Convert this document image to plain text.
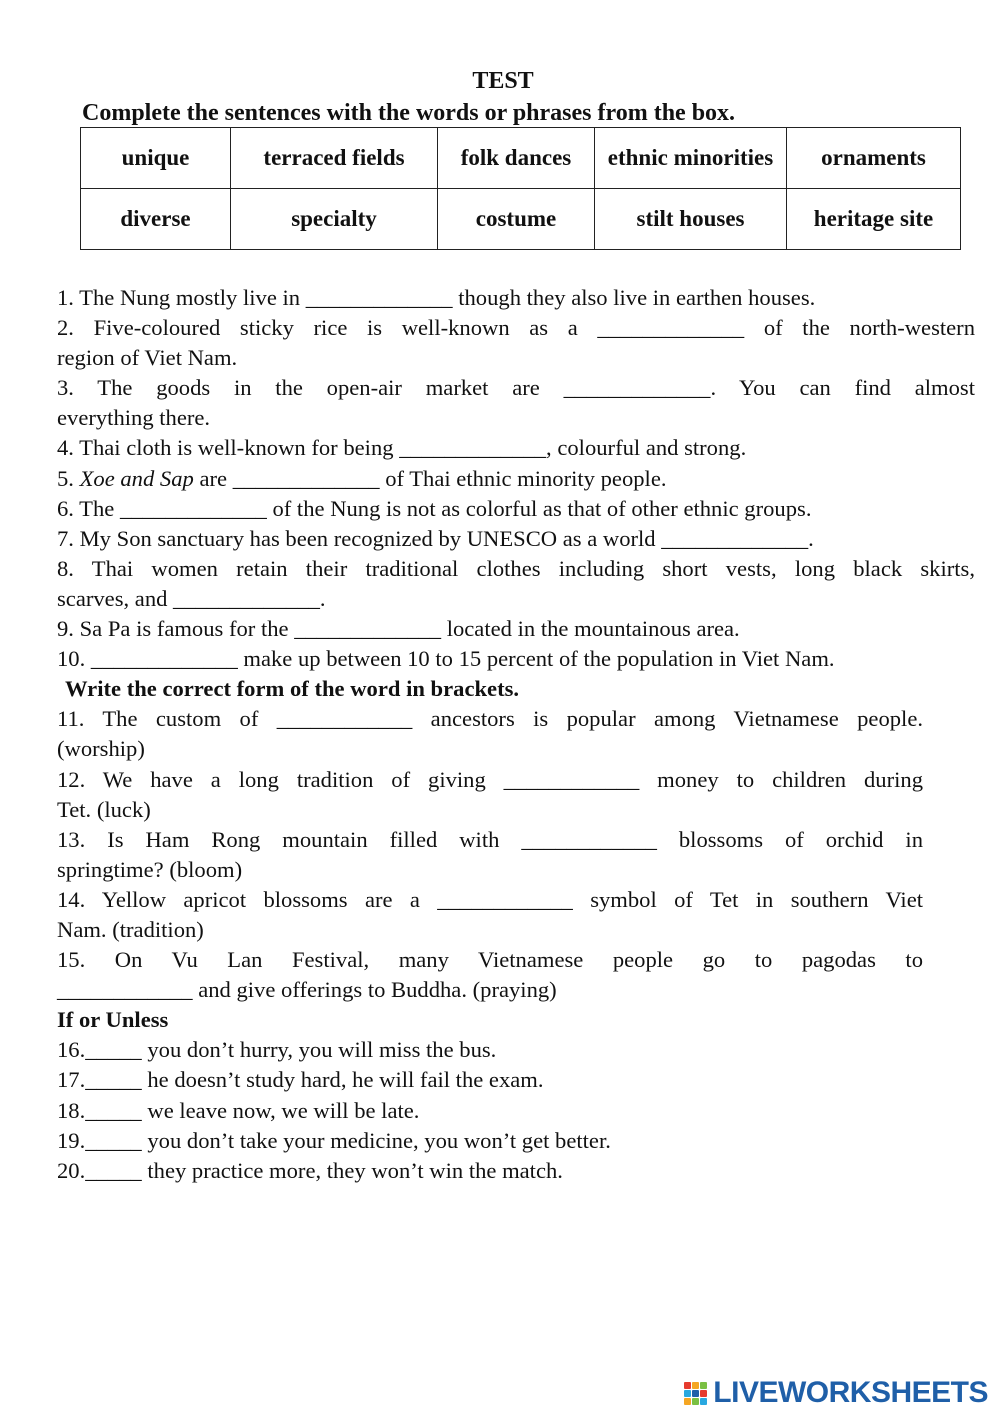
TEST
Complete the sentences with the words or phrases from the box.
unique	terraced fields	folk dances	ethnic minorities	ornaments
diverse	specialty	costume	stilt houses	heritage site
1. The Nung mostly live in _____________ though they also live in earthen houses.
2. Five-coloured sticky rice is well-known as a _____________ of the north-western
region of Viet Nam.
3. The goods in the open-air market are _____________. You can find almost
everything there.
4. Thai cloth is well-known for being _____________, colourful and strong.
5. Xoe and Sap are _____________ of Thai ethnic minority people.
6. The _____________ of the Nung is not as colorful as that of other ethnic groups.
7. My Son sanctuary has been recognized by UNESCO as a world _____________.
8. Thai women retain their traditional clothes including short vests, long black skirts,
scarves, and _____________.
9. Sa Pa is famous for the _____________ located in the mountainous area.
10. _____________ make up between 10 to 15 percent of the population in Viet Nam.
Write the correct form of the word in brackets.
11. The custom of ____________ ancestors is popular among Vietnamese people.
(worship)
12. We have a long tradition of giving ____________ money to children during
Tet. (luck)
13. Is Ham Rong mountain filled with ____________ blossoms of orchid in
springtime? (bloom)
14. Yellow apricot blossoms are a ____________ symbol of Tet in southern Viet
Nam. (tradition)
15. On Vu Lan Festival, many Vietnamese people go to pagodas to
____________ and give offerings to Buddha. (praying)
If or Unless
16._____ you don’t hurry, you will miss the bus.
17._____ he doesn’t study hard, he will fail the exam.
18._____ we leave now, we will be late.
19._____ you don’t take your medicine, you won’t get better.
20._____ they practice more, they won’t win the match.
LIVEWORKSHEETS
